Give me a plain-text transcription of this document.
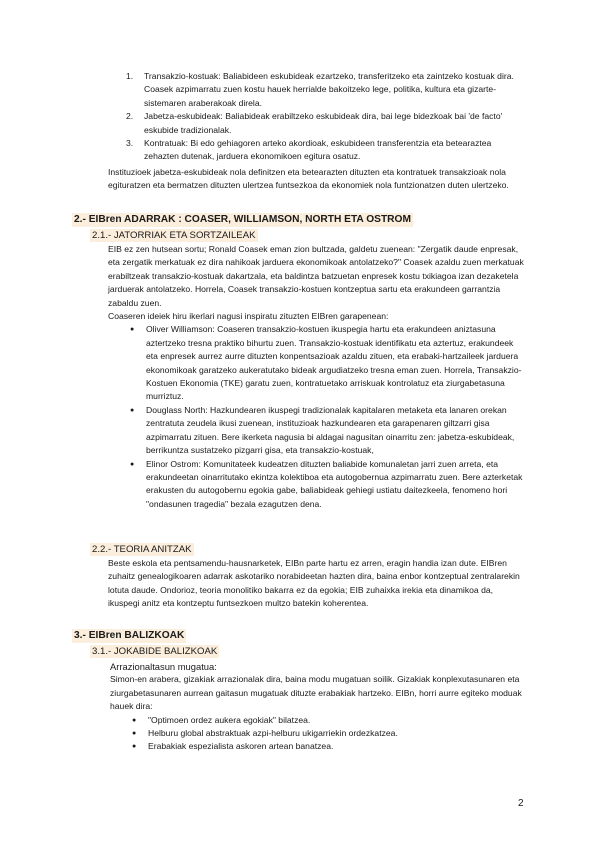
1. Transakzio-kostuak: Baliabideen eskubideak ezartzeko, transferitzeko eta zaintzeko kostuak dira. Coasek azpimarratu zuen kostu hauek herrialde bakoitzeko lege, politika, kultura eta gizarte-sistemaren araberakoak direla.
2. Jabetza-eskubideak: Baliabideak erabiltzeko eskubideak dira, bai lege bidezkoak bai 'de facto' eskubide tradizionalak.
3. Kontratuak: Bi edo gehiagoren arteko akordioak, eskubideen transferentzia eta betearaztea zehazten dutenak, jarduera ekonomikoen egitura osatuz.

Instituzioek jabetza-eskubideak nola definitzen eta betearazten dituzten eta kontratuek transakzioak nola egituratzen eta bermatzen dituzten ulertzea funtsezkoa da ekonomiek nola funtzionatzen duten ulertzeko.

2.- EIBren ADARRAK : COASER, WILLIAMSON, NORTH ETA OSTROM
2.1.- JATORRIAK ETA SORTZAILEAK

EIB ez zen hutsean sortu; Ronald Coasek eman zion bultzada, galdetu zuenean: "Zergatik daude enpresak, eta zergatik merkatuak ez dira nahikoak jarduera ekonomikoak antolatzeko?" Coasek azaldu zuen merkatuak erabiltzeak transakzio-kostuak dakartzala, eta baldintza batzuetan enpresek kostu txikiagoa izan dezaketela jarduerak antolatzeko. Horrela, Coasek transakzio-kostuen kontzeptua sartu eta erakundeen garrantzia zabaldu zuen.

Coaseren ideiek hiru ikerlari nagusi inspiratu zituzten EIBren garapenean:

● Oliver Williamson: Coaseren transakzio-kostuen ikuspegia hartu eta erakundeen aniztasuna aztertzeko tresna praktiko bihurtu zuen. Transakzio-kostuak identifikatu eta aztertuz, erakundeek eta enpresek aurrez aurre dituzten konpentsazioak azaldu zituen, eta erabaki-hartzaileek jarduera ekonomikoak garatzeko aukeratutako bideak argudiatzeko tresna eman zuen. Horrela, Transakzio-Kostuen Ekonomia (TKE) garatu zuen, kontratuetako arriskuak kontrolatuz eta ziurgabetasuna murriztuz.
● Douglass North: Hazkundearen ikuspegi tradizionalak kapitalaren metaketa eta lanaren orekan zentratuta zeudela ikusi zuenean, instituzioak hazkundearen eta garapenaren giltzarri gisa azpimarratu zituen. Bere ikerketa nagusia bi aldagai nagusitan oinarritu zen: jabetza-eskubideak, berrikuntza sustatzeko pizgarri gisa, eta transakzio-kostuak,
● Elinor Ostrom: Komunitateek kudeatzen dituzten baliabide komunaletan jarri zuen arreta, eta erakundeetan oinarritutako ekintza kolektiboa eta autogobernua azpimarratu zuen. Bere azterketak erakusten du autogobernu egokia gabe, baliabideak gehiegi ustiatu daitezkeela, fenomeno hori "ondasunen tragedia" bezala ezagutzen dena.
2.2.- TEORIA ANITZAK

Beste eskola eta pentsamendu-hausnarketek, EIBn parte hartu ez arren, eragin handia izan dute. EIBren zuhaitz genealogikoaren adarrak askotariko norabideetan hazten dira, baina enbor kontzeptual zentralarekin lotuta daude. Ondorioz, teoria monolitiko bakarra ez da egokia; EIB zuhaixka irekia eta dinamikoa da, ikuspegi anitz eta kontzeptu funtsezkoen multzo batekin koherentea.

3.- EIBren BALIZKOAK
3.1.- JOKABIDE BALIZKOAK

Arrazionaltasun mugatua:

Simon-en arabera, gizakiak arrazionalak dira, baina modu mugatuan soilik. Gizakiak konplexutasunaren eta ziurgabetasunaren aurrean gaitasun mugatuak dituzte erabakiak hartzeko. EIBn, horri aurre egiteko moduak hauek dira:

● "Optimoen ordez aukera egokiak" bilatzea.
● Helburu global abstraktuak azpi-helburu ukigarriekin ordezkatzea.
● Erabakiak espezialista askoren artean banatzea.
2
